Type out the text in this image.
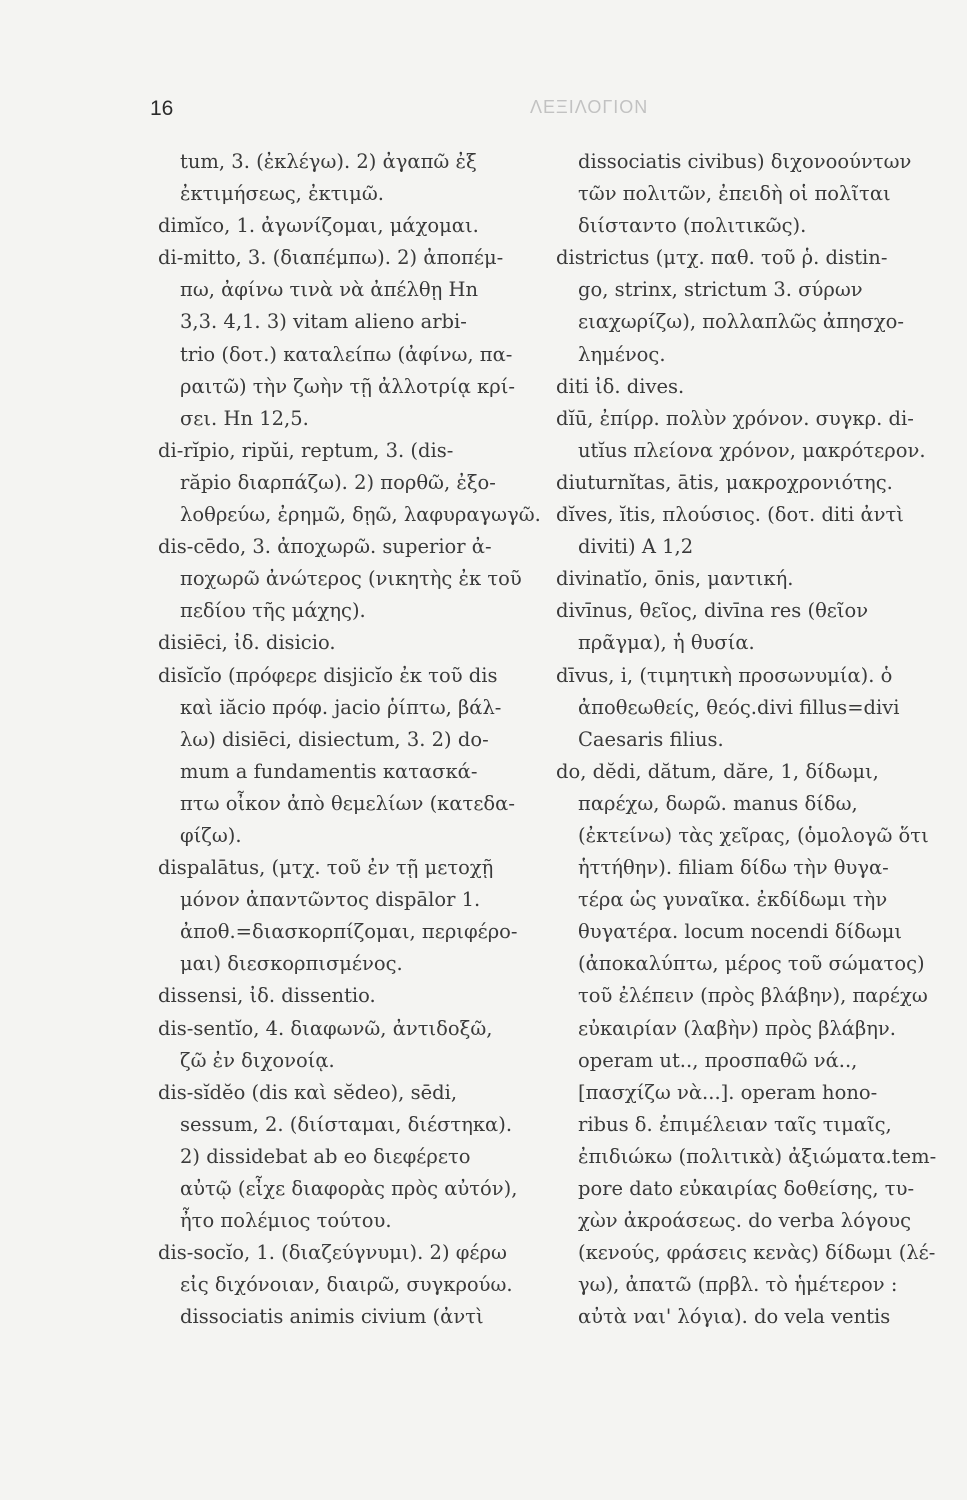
16	ΛΕΞΙΛΟΓΙΟΝ
tum, 3. (ἐκλέγω). 2) ἀγαπῶ ἐξ
ἐκτιμήσεως, ἐκτιμῶ.
dimĭco, 1. ἀγωνίζομαι, μάχομαι.
di-mitto, 3. (διαπέμπω). 2) ἀποπέμ-
πω, ἀφίνω τινὰ νὰ ἀπέλθῃ Hn
3,3. 4,1. 3) vitam alieno arbi-
trio (δοτ.) καταλείπω (ἀφίνω, πα-
ραιτῶ) τὴν ζωὴν τῇ ἀλλοτρίᾳ κρί-
σει. Hn 12,5.
di-rĭpio, ripŭi, reptum, 3. (dis-
răpio διαρπάζω). 2) πορθῶ, ἐξο-
λοθρεύω, ἐρημῶ, δῃῶ, λαφυραγωγῶ.
dis-cēdo, 3. ἀποχωρῶ. superior ἀ-
ποχωρῶ ἀνώτερος (νικητὴς ἐκ τοῦ
πεδίου τῆς μάχης).
disiēci, ἰδ. disicio.
disĭcĭo (πρόφερε disjicĭo ἐκ τοῦ dis
καὶ iăcio πρόφ. jacio ῥίπτω, βάλ-
λω) disiēci, disiectum, 3. 2) do-
mum a fundamentis κατασκά-
πτω οἶκον ἀπὸ θεμελίων (κατεδα-
φίζω).
dispalātus, (μτχ. τοῦ ἐν τῇ μετοχῇ
μόνον ἀπαντῶντος dispālor 1.
ἀποθ.=διασκορπίζομαι, περιφέρο-
μαι) διεσκορπισμένος.
dissensi, ἰδ. dissentio.
dis-sentĭo, 4. διαφωνῶ, ἀντιδοξῶ,
ζῶ ἐν διχονοίᾳ.
dis-sĭdĕo (dis καὶ sĕdeo), sēdi,
sessum, 2. (διίσταμαι, διέστηκα).
2) dissidebat ab eo διεφέρετο
αὐτῷ (εἶχε διαφορὰς πρὸς αὐτόν),
ἦτο πολέμιος τούτου.
dis-socĭo, 1. (διαζεύγνυμι). 2) φέρω
εἰς διχόνοιαν, διαιρῶ, συγκρούω.
dissociatis animis civium (ἀντὶ
dissociatis civibus) διχονοούντων
τῶν πολιτῶν, ἐπειδὴ οἱ πολῖται
διίσταντο (πολιτικῶς).
districtus (μτχ. παθ. τοῦ ῥ. distin-
go, strinx, strictum 3. σύρων
ειαχωρίζω), πολλαπλῶς ἀπησχο-
λημένος.
diti ἰδ. dives.
dĭū, ἐπίρρ. πολὺν χρόνον. συγκρ. di-
utĭus πλείονα χρόνον, μακρότερον.
diuturnĭtas, ātis, μακροχρονιότης.
dĭves, ĭtis, πλούσιος. (δοτ. diti ἀντὶ
diviti) A 1,2
divinatĭo, ōnis, μαντική.
divīnus, θεῖος, divīna res (θεῖον
πρᾶγμα), ἡ θυσία.
dīvus, i, (τιμητικὴ προσωνυμία). ὁ
ἀποθεωθείς, θεός.divi fillus=divi
Caesaris filius.
do, dĕdi, dătum, dăre, 1, δίδωμι,
παρέχω, δωρῶ. manus δίδω,
(ἐκτείνω) τὰς χεῖρας, (ὁμολογῶ ὅτι
ἡττήθην). filiam δίδω τὴν θυγα-
τέρα ὡς γυναῖκα. ἐκδίδωμι τὴν
θυγατέρα. locum nocendi δίδωμι
(ἀποκαλύπτω, μέρος τοῦ σώματος)
τοῦ ἐλέπειν (πρὸς βλάβην), παρέχω
εὐκαιρίαν (λαβὴν) πρὸς βλάβην.
operam ut.., προσπαθῶ νά..,
[πασχίζω νὰ...]. operam hono-
ribus δ. ἐπιμέλειαν ταῖς τιμαῖς,
ἐπιδιώκω (πολιτικὰ) ἀξιώματα.tem-
pore dato εὐκαιρίας δοθείσης, τυ-
χὼν ἀκροάσεως. do verba λόγους
(κενούς, φράσεις κενὰς) δίδωμι (λέ-
γω), ἀπατῶ (πρβλ. τὸ ἡμέτερον :
αὐτὰ ναι' λόγια). do vela ventis
